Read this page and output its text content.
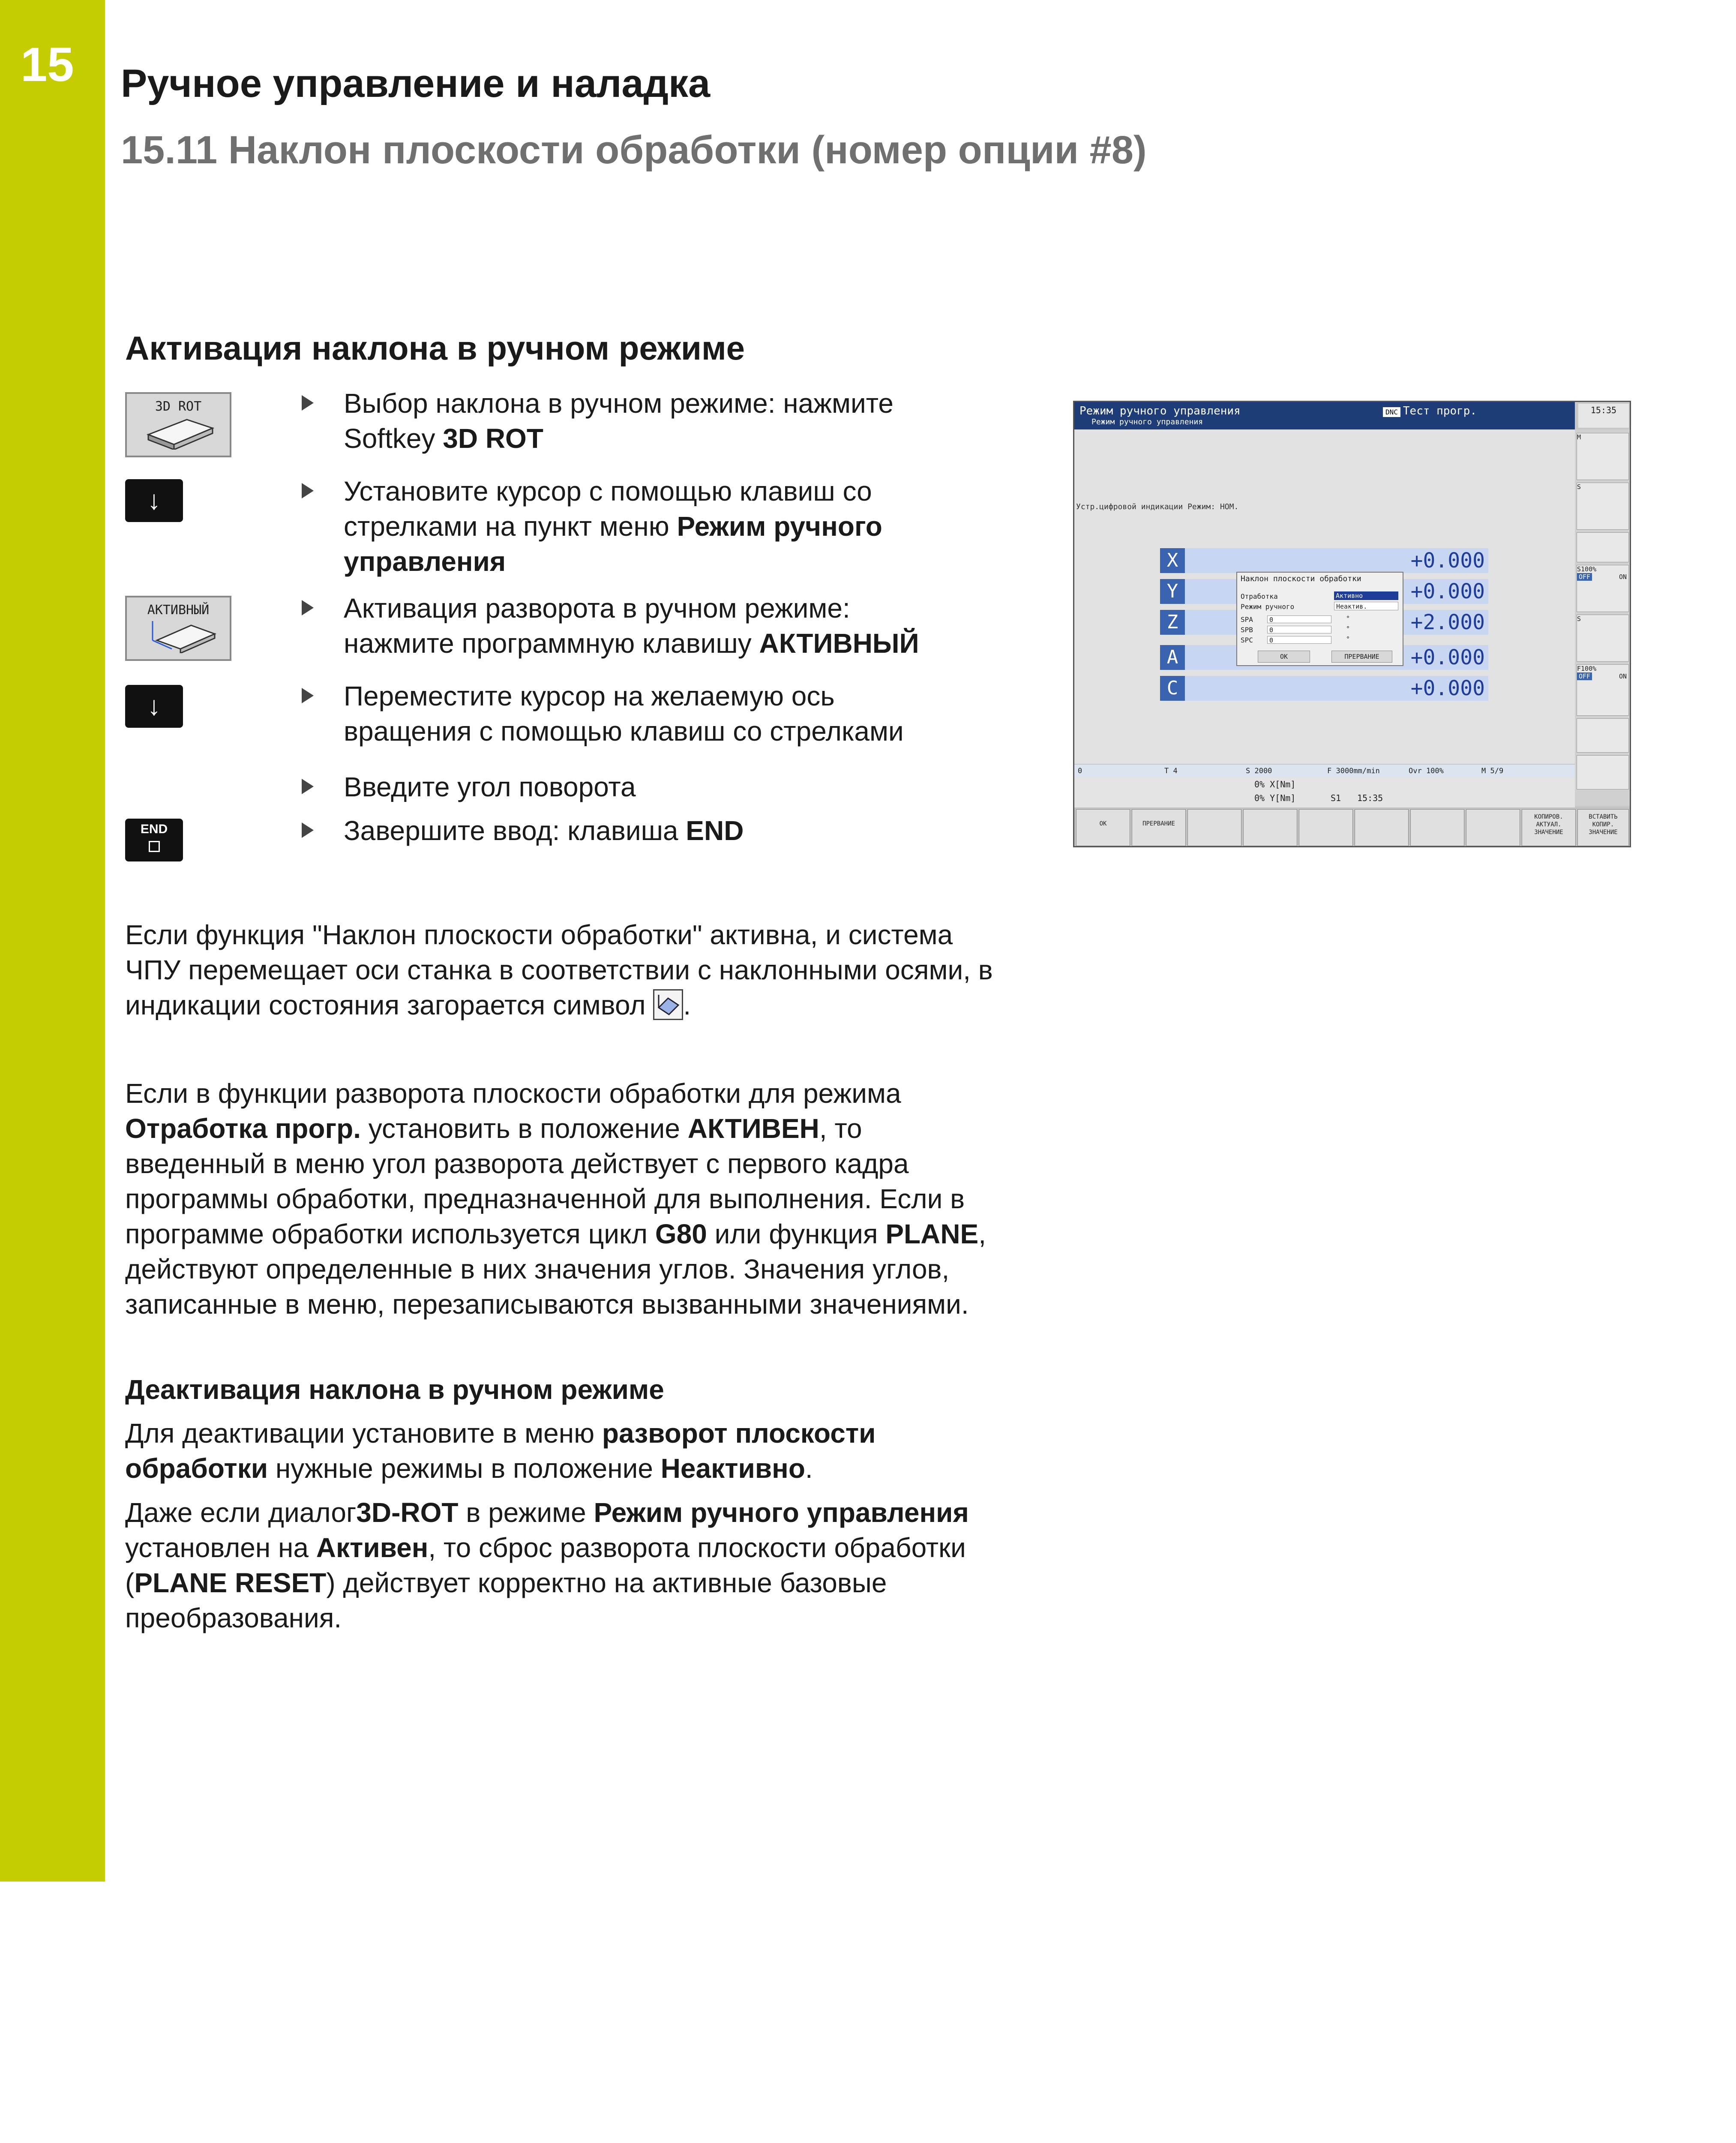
15 Ручное управление и наладка
15.11 Наклон плоскости обработки (номер опции #8)
Активация наклона в ручном режиме
3D ROT
↓
АКТИВНЫЙ
↓
END
Выбор наклона в ручном режиме: нажмите Softkey 3D ROT
Установите курсор с помощью клавиш со стрелками на пункт меню Режим ручного управления
Активация разворота в ручном режиме: нажмите программную клавишу АКТИВНЫЙ
Переместите курсор на желаемую ось вращения с помощью клавиш со стрелками
Введите угол поворота
Завершите ввод: клавиша END
Режим ручного управления
Режим ручного управления
DNC Тест прогр.	15:35
Устр.цифровой индикации Режим: НОМ.
X	+0.000
Y	+0.000
Z	+2.000
A	+0.000
C	+0.000
Наклон плоскости обработки
Отработка	Активно
Режим ручного	Неактив.
SPA	0	°
SPB	0	°
SPC	0	°
OK	ПРЕРВАНИЕ
M
S
S100%
OFF	ON
S
F100%
OFF	ON
0	T 4	S 2000	F 3000mm/min	Ovr 100%	M 5/9
0% X[Nm]
0% Y[Nm]	S1 15:35
OK	ПРЕРВАНИЕ
КОПИРОВ. АКТУАЛ. ЗНАЧЕНИЕ
ВСТАВИТЬ КОПИР. ЗНАЧЕНИЕ

Если функция "Наклон плоскости обработки" активна, и система ЧПУ перемещает оси станка в соответствии с наклонными осями, в индикации состояния загорается символ .

Если в функции разворота плоскости обработки для режима Отработка прогр. установить в положение АКТИВЕН, то введенный в меню угол разворота действует с первого кадра программы обработки, предназначенной для выполнения. Если в программе обработки используется цикл G80 или функция PLANE, действуют определенные в них значения углов. Значения углов, записанные в меню, перезаписываются вызванными значениями.

Деактивация наклона в ручном режиме

Для деактивации установите в меню разворот плоскости обработки нужные режимы в положение Неактивно.

Даже если диалог3D-ROT в режиме Режим ручного управления установлен на Активен, то сброс разворота плоскости обработки (PLANE RESET) действует корректно на активные базовые преобразования.
